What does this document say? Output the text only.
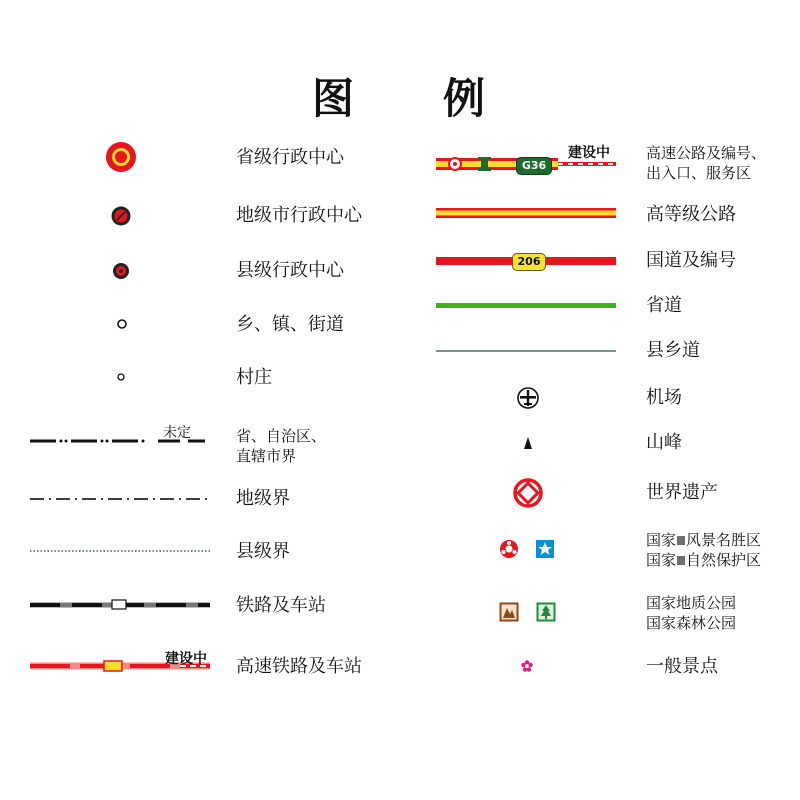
图 例
省级行政中心
地级市行政中心
县级行政中心
乡、镇、街道
村庄
未定	省、自治区、
直辖市界
地级界
县级界
铁路及车站
建设中 高速铁路及车站
G36
建设中 高速公路及编号、
出入口、服务区
高等级公路
206	国道及编号
省道
县乡道
机场
山峰
世界遗产
国家 风景名胜区
国家 自然保护区
国家地质公园
国家森林公园
一般景点
